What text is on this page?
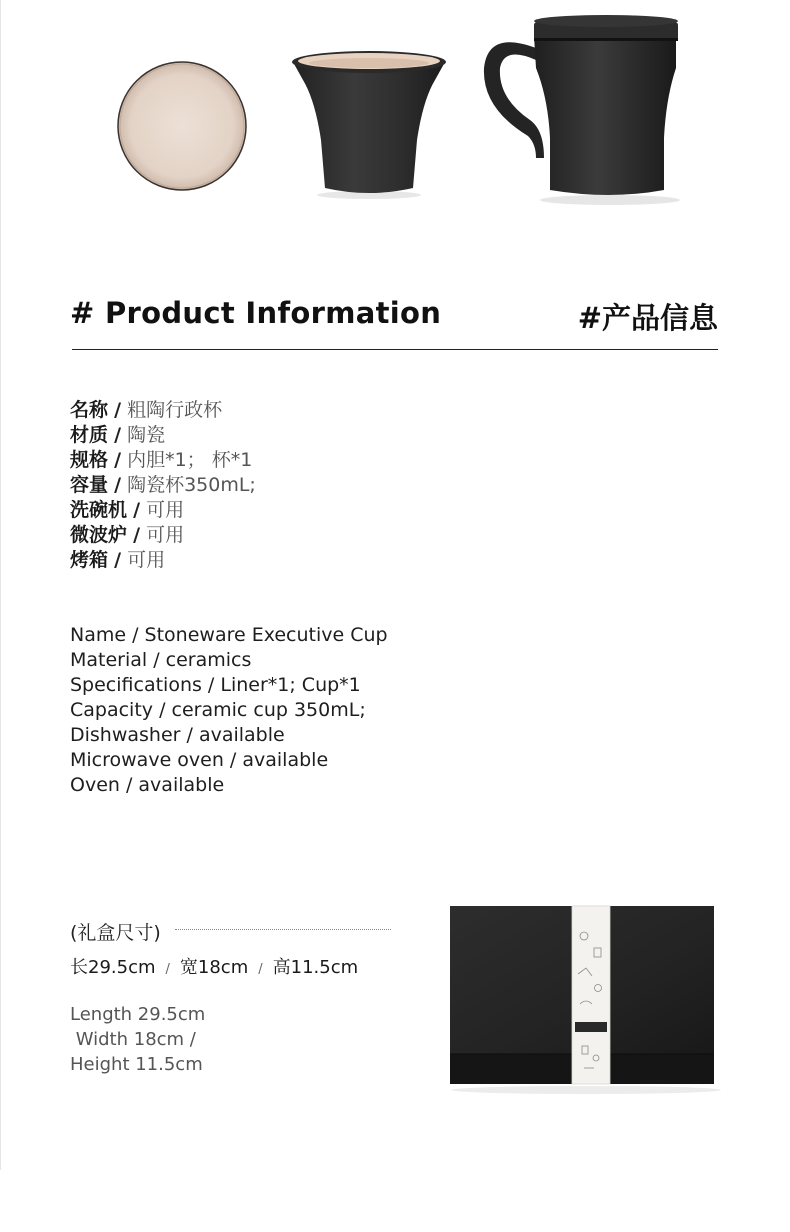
# Product Information	#产品信息
名称 / 粗陶行政杯
材质 / 陶瓷
规格 / 内胆*1； 杯*1
容量 / 陶瓷杯350mL;
洗碗机 / 可用
微波炉 / 可用
烤箱 / 可用
Name / Stoneware Executive Cup
Material / ceramics
Specifications / Liner*1; Cup*1
Capacity / ceramic cup 350mL;
Dishwasher / available
Microwave oven / available
Oven / available
(礼盒尺寸)
长29.5cm / 宽18cm / 高11.5cm
Length 29.5cm
Width 18cm /
Height 11.5cm
